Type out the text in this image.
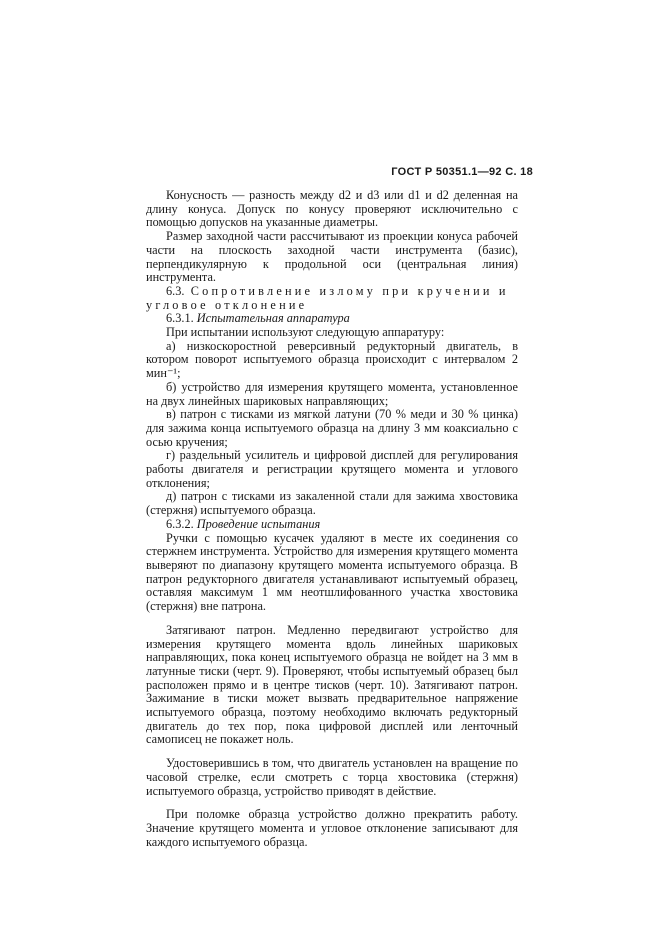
ГОСТ Р 50351.1—92 С. 18

Конусность — разность между d2 и d3 или d1 и d2 деленная на длину конуса. Допуск по конусу проверяют исключительно с помощью допусков на указанные диаметры.

Размер заходной части рассчитывают из проекции конуса рабочей части на плоскость заходной части инструмента (базис), перпендикулярную к продольной оси (центральная линия) инструмента.

6.3. Сопротивление излому при кручении и
угловое отклонение

6.3.1. Испытательная аппаратура

При испытании используют следующую аппаратуру:

а) низкоскоростной реверсивный редукторный двигатель, в котором поворот испытуемого образца происходит с интервалом 2 мин⁻¹;

б) устройство для измерения крутящего момента, установленное на двух линейных шариковых направляющих;

в) патрон с тисками из мягкой латуни (70 % меди и 30 % цинка) для зажима конца испытуемого образца на длину 3 мм коаксиально с осью кручения;

г) раздельный усилитель и цифровой дисплей для регулирования работы двигателя и регистрации крутящего момента и углового отклонения;

д) патрон с тисками из закаленной стали для зажима хвостовика (стержня) испытуемого образца.

6.3.2. Проведение испытания

Ручки с помощью кусачек удаляют в месте их соединения со стержнем инструмента. Устройство для измерения крутящего момента выверяют по диапазону крутящего момента испытуемого образца. В патрон редукторного двигателя устанавливают испытуемый образец, оставляя максимум 1 мм неотшлифованного участка хвостовика (стержня) вне патрона.

Затягивают патрон. Медленно передвигают устройство для измерения крутящего момента вдоль линейных шариковых направляющих, пока конец испытуемого образца не войдет на 3 мм в латунные тиски (черт. 9). Проверяют, чтобы испытуемый образец был расположен прямо и в центре тисков (черт. 10). Затягивают патрон. Зажимание в тиски может вызвать предварительное напряжение испытуемого образца, поэтому необходимо включать редукторный двигатель до тех пор, пока цифровой дисплей или ленточный самописец не покажет ноль.

Удостоверившись в том, что двигатель установлен на вращение по часовой стрелке, если смотреть с торца хвостовика (стержня) испытуемого образца, устройство приводят в действие.

При поломке образца устройство должно прекратить работу. Значение крутящего момента и угловое отклонение записывают для каждого испытуемого образца.
